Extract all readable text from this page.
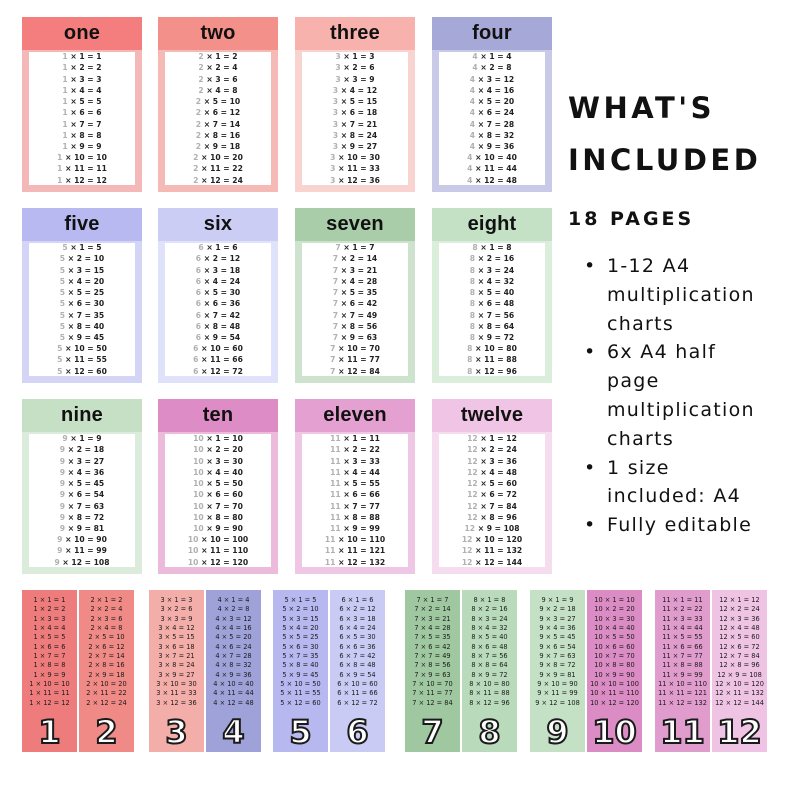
one
1 × 1 = 1
1 × 2 = 2
1 × 3 = 3
1 × 4 = 4
1 × 5 = 5
1 × 6 = 6
1 × 7 = 7
1 × 8 = 8
1 × 9 = 9
1 × 10 = 10
1 × 11 = 11
1 × 12 = 12
two
2 × 1 = 2
2 × 2 = 4
2 × 3 = 6
2 × 4 = 8
2 × 5 = 10
2 × 6 = 12
2 × 7 = 14
2 × 8 = 16
2 × 9 = 18
2 × 10 = 20
2 × 11 = 22
2 × 12 = 24
three
3 × 1 = 3
3 × 2 = 6
3 × 3 = 9
3 × 4 = 12
3 × 5 = 15
3 × 6 = 18
3 × 7 = 21
3 × 8 = 24
3 × 9 = 27
3 × 10 = 30
3 × 11 = 33
3 × 12 = 36
four
4 × 1 = 4
4 × 2 = 8
4 × 3 = 12
4 × 4 = 16
4 × 5 = 20
4 × 6 = 24
4 × 7 = 28
4 × 8 = 32
4 × 9 = 36
4 × 10 = 40
4 × 11 = 44
4 × 12 = 48
five
5 × 1 = 5
5 × 2 = 10
5 × 3 = 15
5 × 4 = 20
5 × 5 = 25
5 × 6 = 30
5 × 7 = 35
5 × 8 = 40
5 × 9 = 45
5 × 10 = 50
5 × 11 = 55
5 × 12 = 60
six
6 × 1 = 6
6 × 2 = 12
6 × 3 = 18
6 × 4 = 24
6 × 5 = 30
6 × 6 = 36
6 × 7 = 42
6 × 8 = 48
6 × 9 = 54
6 × 10 = 60
6 × 11 = 66
6 × 12 = 72
seven
7 × 1 = 7
7 × 2 = 14
7 × 3 = 21
7 × 4 = 28
7 × 5 = 35
7 × 6 = 42
7 × 7 = 49
7 × 8 = 56
7 × 9 = 63
7 × 10 = 70
7 × 11 = 77
7 × 12 = 84
eight
8 × 1 = 8
8 × 2 = 16
8 × 3 = 24
8 × 4 = 32
8 × 5 = 40
8 × 6 = 48
8 × 7 = 56
8 × 8 = 64
8 × 9 = 72
8 × 10 = 80
8 × 11 = 88
8 × 12 = 96
nine
9 × 1 = 9
9 × 2 = 18
9 × 3 = 27
9 × 4 = 36
9 × 5 = 45
9 × 6 = 54
9 × 7 = 63
9 × 8 = 72
9 × 9 = 81
9 × 10 = 90
9 × 11 = 99
9 × 12 = 108
ten
10 × 1 = 10
10 × 2 = 20
10 × 3 = 30
10 × 4 = 40
10 × 5 = 50
10 × 6 = 60
10 × 7 = 70
10 × 8 = 80
10 × 9 = 90
10 × 10 = 100
10 × 11 = 110
10 × 12 = 120
eleven
11 × 1 = 11
11 × 2 = 22
11 × 3 = 33
11 × 4 = 44
11 × 5 = 55
11 × 6 = 66
11 × 7 = 77
11 × 8 = 88
11 × 9 = 99
11 × 10 = 110
11 × 11 = 121
11 × 12 = 132
twelve
12 × 1 = 12
12 × 2 = 24
12 × 3 = 36
12 × 4 = 48
12 × 5 = 60
12 × 6 = 72
12 × 7 = 84
12 × 8 = 96
12 × 9 = 108
12 × 10 = 120
12 × 11 = 132
12 × 12 = 144
1 × 1 = 1
1 × 2 = 2
1 × 3 = 3
1 × 4 = 4
1 × 5 = 5
1 × 6 = 6
1 × 7 = 7
1 × 8 = 8
1 × 9 = 9
1 × 10 = 10
1 × 11 = 11
1 × 12 = 12
1
2 × 1 = 2
2 × 2 = 4
2 × 3 = 6
2 × 4 = 8
2 × 5 = 10
2 × 6 = 12
2 × 7 = 14
2 × 8 = 16
2 × 9 = 18
2 × 10 = 20
2 × 11 = 22
2 × 12 = 24
2
3 × 1 = 3
3 × 2 = 6
3 × 3 = 9
3 × 4 = 12
3 × 5 = 15
3 × 6 = 18
3 × 7 = 21
3 × 8 = 24
3 × 9 = 27
3 × 10 = 30
3 × 11 = 33
3 × 12 = 36
3
4 × 1 = 4
4 × 2 = 8
4 × 3 = 12
4 × 4 = 16
4 × 5 = 20
4 × 6 = 24
4 × 7 = 28
4 × 8 = 32
4 × 9 = 36
4 × 10 = 40
4 × 11 = 44
4 × 12 = 48
4
5 × 1 = 5
5 × 2 = 10
5 × 3 = 15
5 × 4 = 20
5 × 5 = 25
5 × 6 = 30
5 × 7 = 35
5 × 8 = 40
5 × 9 = 45
5 × 10 = 50
5 × 11 = 55
5 × 12 = 60
5
6 × 1 = 6
6 × 2 = 12
6 × 3 = 18
6 × 4 = 24
6 × 5 = 30
6 × 6 = 36
6 × 7 = 42
6 × 8 = 48
6 × 9 = 54
6 × 10 = 60
6 × 11 = 66
6 × 12 = 72
6
7 × 1 = 7
7 × 2 = 14
7 × 3 = 21
7 × 4 = 28
7 × 5 = 35
7 × 6 = 42
7 × 7 = 49
7 × 8 = 56
7 × 9 = 63
7 × 10 = 70
7 × 11 = 77
7 × 12 = 84
7
8 × 1 = 8
8 × 2 = 16
8 × 3 = 24
8 × 4 = 32
8 × 5 = 40
8 × 6 = 48
8 × 7 = 56
8 × 8 = 64
8 × 9 = 72
8 × 10 = 80
8 × 11 = 88
8 × 12 = 96
8
9 × 1 = 9
9 × 2 = 18
9 × 3 = 27
9 × 4 = 36
9 × 5 = 45
9 × 6 = 54
9 × 7 = 63
9 × 8 = 72
9 × 9 = 81
9 × 10 = 90
9 × 11 = 99
9 × 12 = 108
9
10 × 1 = 10
10 × 2 = 20
10 × 3 = 30
10 × 4 = 40
10 × 5 = 50
10 × 6 = 60
10 × 7 = 70
10 × 8 = 80
10 × 9 = 90
10 × 10 = 100
10 × 11 = 110
10 × 12 = 120
10
11 × 1 = 11
11 × 2 = 22
11 × 3 = 33
11 × 4 = 44
11 × 5 = 55
11 × 6 = 66
11 × 7 = 77
11 × 8 = 88
11 × 9 = 99
11 × 10 = 110
11 × 11 = 121
11 × 12 = 132
11
12 × 1 = 12
12 × 2 = 24
12 × 3 = 36
12 × 4 = 48
12 × 5 = 60
12 × 6 = 72
12 × 7 = 84
12 × 8 = 96
12 × 9 = 108
12 × 10 = 120
12 × 11 = 132
12 × 12 = 144
12
WHAT'S
INCLUDED
18 PAGES
• 1-12 A4
multiplication
charts
• 6x A4 half
page
multiplication
charts
• 1 size
included: A4
• Fully editable
